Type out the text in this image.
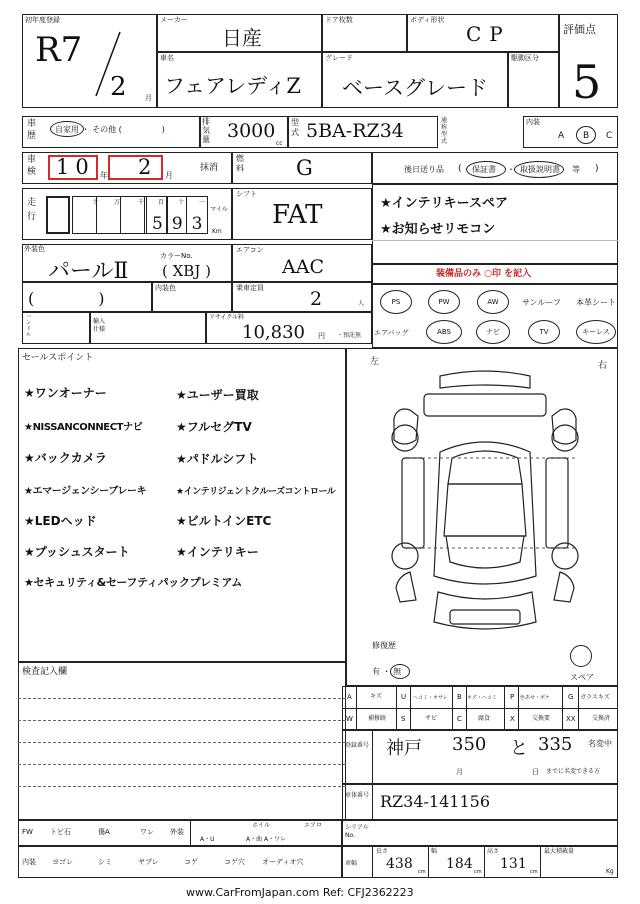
初年度登録
R7
2	月
メーカー
日産
ドア枚数	ボディ形状
CP	評価点
5
車名
フェアレディZ
グレード
ベースグレード
駆動区分
車歴
自家用 ・ その他 (　　　　　)
排気量 3000
cc
型式 5BA-RZ34	通称型式
内装
A B C
車検 10 年 2 月
抹消
燃料 G	後日送り品 ( 保証書 ・ 取扱説明書 等 )
走行
十	万	千 百 十 一
593
マイル
Km
シフト
FAT	★インテリキースペア
★お知らせリモコン
外装色
パールⅡ
カラーNo.
( XBJ )
エアコン
AAC	装備品のみ ○印 を記入
(　　　　)
内装色	乗車定員 2	人	PS	PW	AW	サンルーフ 本革シート
エアバッグ	ABS	ナビ	TV	キーレス
ハンドル
輸入仕様
リサイクル料
10,830 円 ・預託無
セールスポイント
★ワンオーナー
★NISSANCONNECTナビ
★バックカメラ
★エマージェンシーブレーキ
★LEDヘッド
★プッシュスタート
★セキュリティ&セーフティパックプレミアム
★ユーザー買取
★フルセグTV
★パドルシフト
★インテリジェントクルーズコントロール
★ビルトインETC
★インテリキー
検査記入欄
左	右
修復歴
有 ・ 無
スペア
A	キズ	U ヘコミ・オサレ B キズ・ヘコミ P 色あせ・ボケ	G ガラスキズ
W	補修跡 S	サビ	C	腐食	X	交換要 XX	交換済
登録番号 神戸 350 と 335 名変中
月	日 までに名変できる方
車体番号 RZ34-141156
FW トビ石	傷A	ワレ 外装
ホイル	エアロ
A・U	A・曲 A・ワレ
シリアルNo.
内装 ヨゴレ	シミ	ヤブレ	コゲ	コゲ穴 オーディオ穴	車幅
長さ
438 cm
幅
184 cm
高さ
131 cm
最大積載量
Kg
www.CarFromJapan.com Ref: CFJ2362223
